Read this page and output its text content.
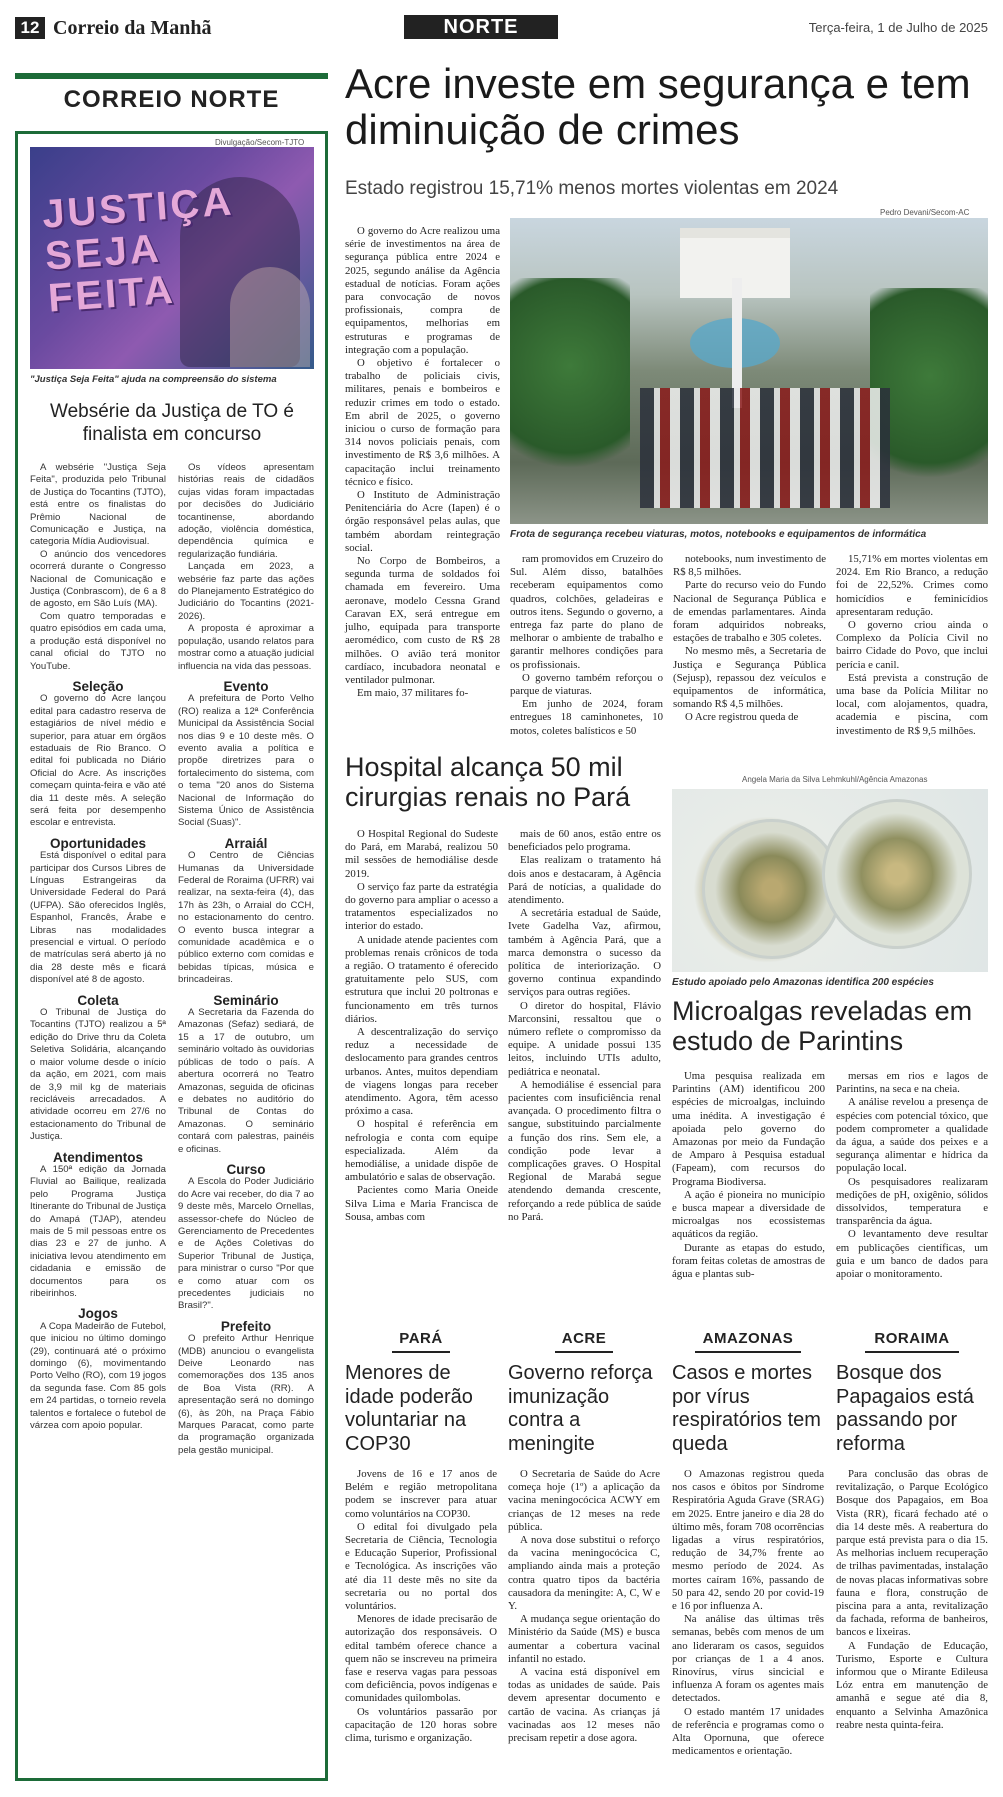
12 Correio da Manhã	NORTE	Terça-feira, 1 de Julho de 2025
CORREIO NORTE
Divulgação/Secom-TJTO
JUSTIÇA
SEJA
FEITA
"Justiça Seja Feita" ajuda na compreensão do sistema
Websérie da Justiça de TO é finalista em concurso

A websérie "Justiça Seja Feita", produzida pelo Tribunal de Justiça do Tocantins (TJTO), está entre os finalistas do Prêmio Nacional de Comunicação e Justiça, na categoria Mídia Audiovisual.

O anúncio dos vencedores ocorrerá durante o Congresso Nacional de Comunicação e Justiça (Conbrascom), de 6 a 8 de agosto, em São Luís (MA).

Com quatro temporadas e quatro episódios em cada uma, a produção está disponível no canal oficial do TJTO no YouTube.

Seleção

O governo do Acre lançou edital para cadastro reserva de estagiários de nível médio e superior, para atuar em órgãos estaduais de Rio Branco. O edital foi publicada no Diário Oficial do Acre. As inscrições começam quinta-feira e vão até dia 11 deste mês. A seleção será feita por desempenho escolar e entrevista.

Oportunidades

Está disponível o edital para participar dos Cursos Libres de Línguas Estrangeiras da Universidade Federal do Pará (UFPA). São oferecidos Inglês, Espanhol, Francês, Árabe e Libras nas modalidades presencial e virtual. O período de matrículas será aberto já no dia 28 deste mês e ficará disponível até 8 de agosto.

Coleta

O Tribunal de Justiça do Tocantins (TJTO) realizou a 5ª edição do Drive thru da Coleta Seletiva Solidária, alcançando o maior volume desde o início da ação, em 2021, com mais de 3,9 mil kg de materiais recicláveis arrecadados. A atividade ocorreu em 27/6 no estacionamento do Tribunal de Justiça.

Atendimentos

A 150ª edição da Jornada Fluvial ao Bailique, realizada pelo Programa Justiça Itinerante do Tribunal de Justiça do Amapá (TJAP), atendeu mais de 5 mil pessoas entre os dias 23 e 27 de junho. A iniciativa levou atendimento em cidadania e emissão de documentos para os ribeirinhos.

Jogos

A Copa Madeirão de Futebol, que iniciou no último domingo (29), continuará até o próximo domingo (6), movimentando Porto Velho (RO), com 19 jogos da segunda fase. Com 85 gols em 24 partidas, o torneio revela talentos e fortalece o futebol de várzea com apoio popular.

Os vídeos apresentam histórias reais de cidadãos cujas vidas foram impactadas por decisões do Judiciário tocantinense, abordando adoção, violência doméstica, dependência química e regularização fundiária.

Lançada em 2023, a websérie faz parte das ações do Planejamento Estratégico do Judiciário do Tocantins (2021-2026).

A proposta é aproximar a população, usando relatos para mostrar como a atuação judicial influencia na vida das pessoas.

Evento

A prefeitura de Porto Velho (RO) realiza a 12ª Conferência Municipal da Assistência Social nos dias 9 e 10 deste mês. O evento avalia a política e propõe diretrizes para o fortalecimento do sistema, com o tema "20 anos do Sistema Nacional de Informação do Sistema Único de Assistência Social (Suas)".

Arraiál

O Centro de Ciências Humanas da Universidade Federal de Roraima (UFRR) vai realizar, na sexta-feira (4), das 17h às 23h, o Arraial do CCH, no estacionamento do centro. O evento busca integrar a comunidade acadêmica e o público externo com comidas e bebidas típicas, música e brincadeiras.

Seminário

A Secretaria da Fazenda do Amazonas (Sefaz) sediará, de 15 a 17 de outubro, um seminário voltado às ouvidorias públicas de todo o país. A abertura ocorrerá no Teatro Amazonas, seguida de oficinas e debates no auditório do Tribunal de Contas do Amazonas. O seminário contará com palestras, painéis e oficinas.

Curso

A Escola do Poder Judiciário do Acre vai receber, do dia 7 ao 9 deste mês, Marcelo Ornellas, assessor-chefe do Núcleo de Gerenciamento de Precedentes e de Ações Coletivas do Superior Tribunal de Justiça, para ministrar o curso "Por que e como atuar com os precedentes judiciais no Brasil?".

Prefeito

O prefeito Arthur Henrique (MDB) anunciou o evangelista Deive Leonardo nas comemorações dos 135 anos de Boa Vista (RR). A apresentação será no domingo (6), às 20h, na Praça Fábio Marques Paracat, como parte da programação organizada pela gestão municipal.

Acre investe em segurança e tem diminuição de crimes
Estado registrou 15,71% menos mortes violentas em 2024
Pedro Devani/Secom-AC
Frota de segurança recebeu viaturas, motos, notebooks e equipamentos de informática

O governo do Acre realizou uma série de investimentos na área de segurança pública entre 2024 e 2025, segundo análise da Agência estadual de notícias. Foram ações para convocação de novos profissionais, compra de equipamentos, melhorias em estruturas e programas de integração com a população.

O objetivo é fortalecer o trabalho de policiais civis, militares, penais e bombeiros e reduzir crimes em todo o estado. Em abril de 2025, o governo iniciou o curso de formação para 314 novos policiais penais, com investimento de R$ 3,6 milhões. A capacitação inclui treinamento técnico e físico.

O Instituto de Administração Penitenciária do Acre (Iapen) é o órgão responsável pelas aulas, que também abordam reintegração social.

No Corpo de Bombeiros, a segunda turma de soldados foi chamada em fevereiro. Uma aeronave, modelo Cessna Grand Caravan EX, será entregue em julho, equipada para transporte aeromédico, com custo de R$ 28 milhões. O avião terá monitor cardíaco, incubadora neonatal e ventilador pulmonar.

Em maio, 37 militares fo-

ram promovidos em Cruzeiro do Sul. Além disso, batalhões receberam equipamentos como quadros, colchões, geladeiras e outros itens. Segundo o governo, a entrega faz parte do plano de melhorar o ambiente de trabalho e garantir melhores condições para os profissionais.

O governo também reforçou o parque de viaturas.

Em junho de 2024, foram entregues 18 caminhonetes, 10 motos, coletes balísticos e 50

notebooks, num investimento de R$ 8,5 milhões.

Parte do recurso veio do Fundo Nacional de Segurança Pública e de emendas parlamentares. Ainda foram adquiridos nobreaks, estações de trabalho e 305 coletes.

No mesmo mês, a Secretaria de Justiça e Segurança Pública (Sejusp), repassou dez veículos e equipamentos de informática, somando R$ 4,5 milhões.

O Acre registrou queda de

15,71% em mortes violentas em 2024. Em Rio Branco, a redução foi de 22,52%. Crimes como homicídios e feminicídios apresentaram redução.

O governo criou ainda o Complexo da Polícia Civil no bairro Cidade do Povo, que inclui perícia e canil.

Está prevista a construção de uma base da Polícia Militar no local, com alojamentos, quadra, academia e piscina, com investimento de R$ 9,5 milhões.

Hospital alcança 50 mil cirurgias renais no Pará

O Hospital Regional do Sudeste do Pará, em Marabá, realizou 50 mil sessões de hemodiálise desde 2019.

O serviço faz parte da estratégia do governo para ampliar o acesso a tratamentos especializados no interior do estado.

A unidade atende pacientes com problemas renais crônicos de toda a região. O tratamento é oferecido gratuitamente pelo SUS, com estrutura que inclui 20 poltronas e funcionamento em três turnos diários.

A descentralização do serviço reduz a necessidade de deslocamento para grandes centros urbanos. Antes, muitos dependiam de viagens longas para receber atendimento. Agora, têm acesso próximo a casa.

O hospital é referência em nefrologia e conta com equipe especializada. Além da hemodiálise, a unidade dispõe de ambulatório e salas de observação.

Pacientes como Maria Oneide Silva Lima e Maria Francisca de Sousa, ambas com

mais de 60 anos, estão entre os beneficiados pelo programa.

Elas realizam o tratamento há dois anos e destacaram, à Agência Pará de notícias, a qualidade do atendimento.

A secretária estadual de Saúde, Ivete Gadelha Vaz, afirmou, também à Agência Pará, que a marca demonstra o sucesso da política de interiorização. O governo continua expandindo serviços para outras regiões.

O diretor do hospital, Flávio Marconsini, ressaltou que o número reflete o compromisso da equipe. A unidade possui 135 leitos, incluindo UTIs adulto, pediátrica e neonatal.

A hemodiálise é essencial para pacientes com insuficiência renal avançada. O procedimento filtra o sangue, substituindo parcialmente a função dos rins. Sem ele, a condição pode levar a complicações graves. O Hospital Regional de Marabá segue atendendo demanda crescente, reforçando a rede pública de saúde no Pará.

Angela Maria da Silva Lehmkuhl/Agência Amazonas
Estudo apoiado pelo Amazonas identifica 200 espécies
Microalgas reveladas em estudo de Parintins

Uma pesquisa realizada em Parintins (AM) identificou 200 espécies de microalgas, incluindo uma inédita. A investigação é apoiada pelo governo do Amazonas por meio da Fundação de Amparo à Pesquisa estadual (Fapeam), com recursos do Programa Biodiversa.

A ação é pioneira no município e busca mapear a diversidade de microalgas nos ecossistemas aquáticos da região.

Durante as etapas do estudo, foram feitas coletas de amostras de água e plantas sub-

mersas em rios e lagos de Parintins, na seca e na cheia.

A análise revelou a presença de espécies com potencial tóxico, que podem comprometer a qualidade da água, a saúde dos peixes e a segurança alimentar e hídrica da população local.

Os pesquisadores realizaram medições de pH, oxigênio, sólidos dissolvidos, temperatura e transparência da água.

O levantamento deve resultar em publicações científicas, um guia e um banco de dados para apoiar o monitoramento.

PARÁ
Menores de idade poderão voluntariar na COP30

Jovens de 16 e 17 anos de Belém e região metropolitana podem se inscrever para atuar como voluntários na COP30.

O edital foi divulgado pela Secretaria de Ciência, Tecnologia e Educação Superior, Profissional e Tecnológica. As inscrições vão até dia 11 deste mês no site da secretaria ou no portal dos voluntários.

Menores de idade precisarão de autorização dos responsáveis. O edital também oferece chance a quem não se inscreveu na primeira fase e reserva vagas para pessoas com deficiência, povos indígenas e comunidades quilombolas.

Os voluntários passarão por capacitação de 120 horas sobre clima, turismo e organização.

ACRE
Governo reforça imunização contra a meningite

O Secretaria de Saúde do Acre começa hoje (1º) a aplicação da vacina meningocócica ACWY em crianças de 12 meses na rede pública.

A nova dose substitui o reforço da vacina meningocócica C, ampliando ainda mais a proteção contra quatro tipos da bactéria causadora da meningite: A, C, W e Y.

A mudança segue orientação do Ministério da Saúde (MS) e busca aumentar a cobertura vacinal infantil no estado.

A vacina está disponível em todas as unidades de saúde. Pais devem apresentar documento e cartão de vacina. As crianças já vacinadas aos 12 meses não precisam repetir a dose agora.

AMAZONAS
Casos e mortes por vírus respiratórios tem queda

O Amazonas registrou queda nos casos e óbitos por Síndrome Respiratória Aguda Grave (SRAG) em 2025. Entre janeiro e dia 28 do último mês, foram 708 ocorrências ligadas a vírus respiratórios, redução de 34,7% frente ao mesmo período de 2024. As mortes caíram 16%, passando de 50 para 42, sendo 20 por covid-19 e 16 por influenza A.

Na análise das últimas três semanas, bebês com menos de um ano lideraram os casos, seguidos por crianças de 1 a 4 anos. Rinovírus, vírus sincicial e influenza A foram os agentes mais detectados.

O estado mantém 17 unidades de referência e programas como o Alta Opornuna, que oferece medicamentos e orientação.

RORAIMA
Bosque dos Papagaios está passando por reforma

Para conclusão das obras de revitalização, o Parque Ecológico Bosque dos Papagaios, em Boa Vista (RR), ficará fechado até o dia 14 deste mês. A reabertura do parque está prevista para o dia 15. As melhorias incluem recuperação de trilhas pavimentadas, instalação de novas placas informativas sobre fauna e flora, construção de piscina para a anta, revitalização da fachada, reforma de banheiros, bancos e lixeiras.

A Fundação de Educação, Turismo, Esporte e Cultura informou que o Mirante Edileusa Lóz entra em manutenção de amanhã e segue até dia 8, enquanto a Selvinha Amazônica reabre nesta quinta-feira.
